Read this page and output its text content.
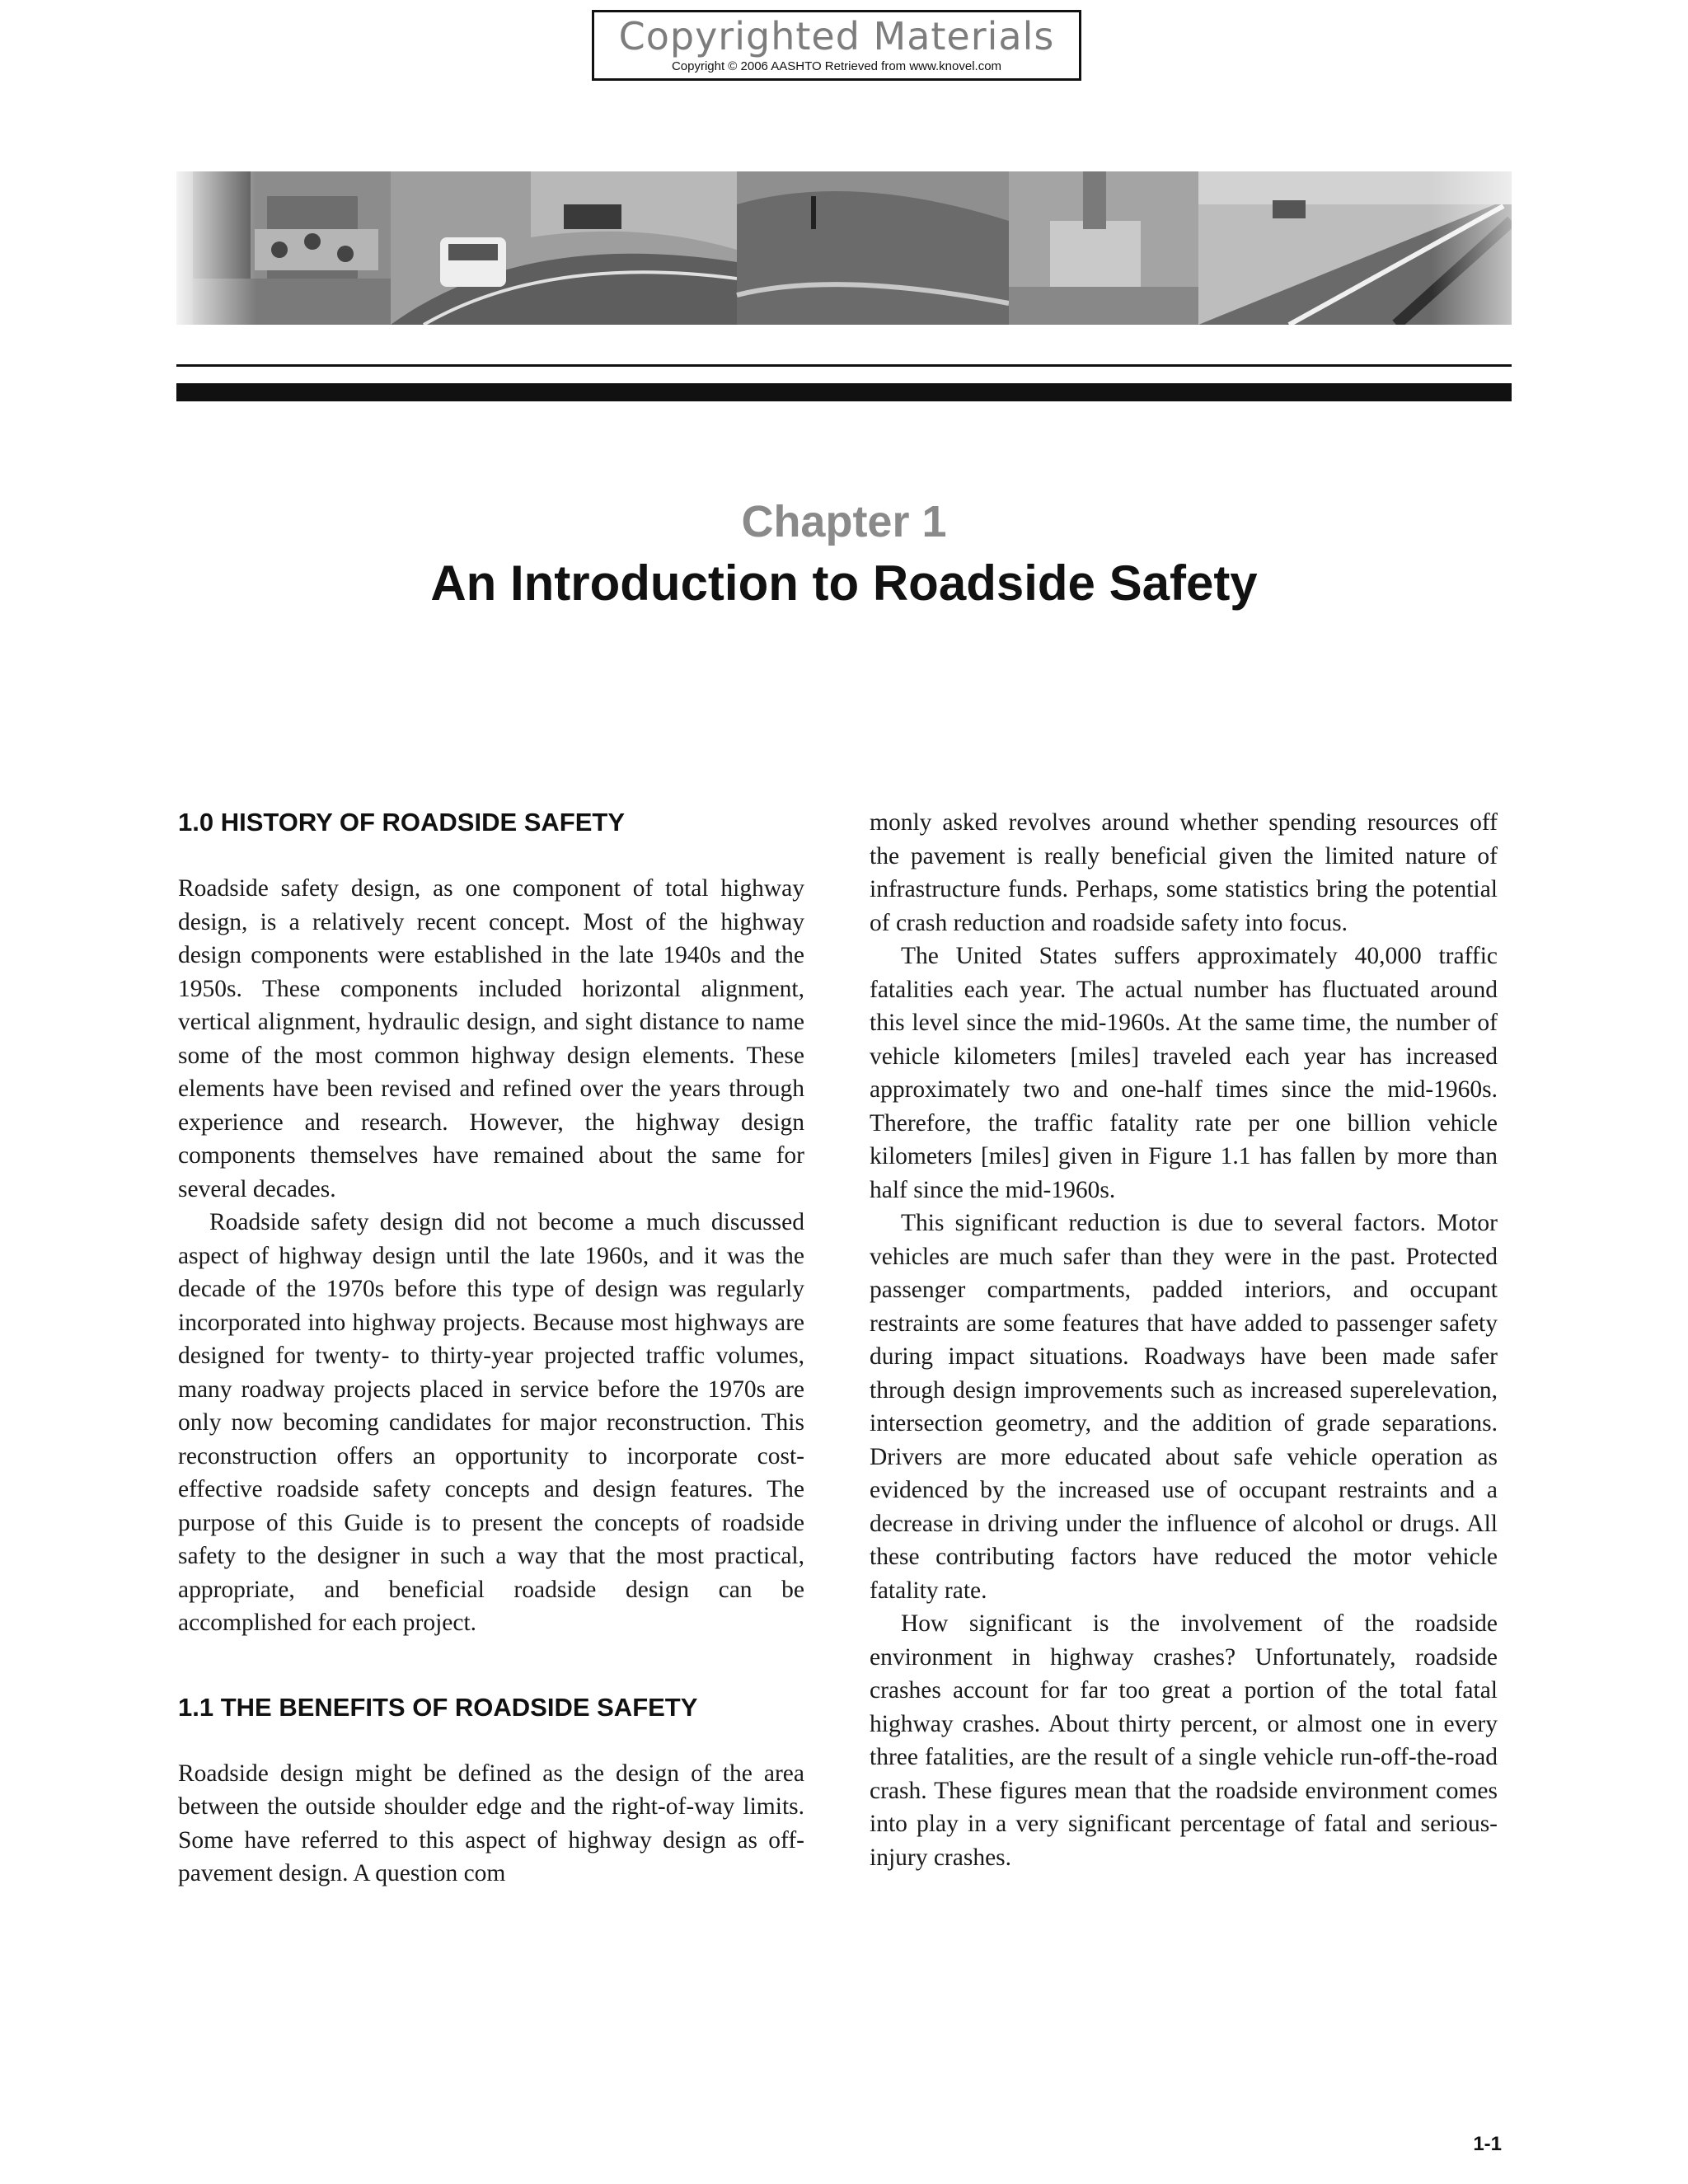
Copyrighted Materials
Copyright © 2006 AASHTO Retrieved from www.knovel.com
Chapter 1
An Introduction to Roadside Safety
1.0 HISTORY OF ROADSIDE SAFETY

Roadside safety design, as one component of total highway design, is a relatively recent concept. Most of the highway design components were established in the late 1940s and the 1950s. These components included horizontal alignment, vertical alignment, hydraulic design, and sight distance to name some of the most common highway design elements. These elements have been revised and refined over the years through experience and research. However, the highway design components themselves have remained about the same for several decades.

Roadside safety design did not become a much discussed aspect of highway design until the late 1960s, and it was the decade of the 1970s before this type of design was regularly incorporated into highway projects. Because most highways are designed for twenty- to thirty-year projected traffic volumes, many roadway projects placed in service before the 1970s are only now becoming candidates for major reconstruction. This reconstruction offers an opportunity to incorporate cost-effective roadside safety concepts and design features. The purpose of this Guide is to present the concepts of roadside safety to the designer in such a way that the most practical, appropriate, and beneficial roadside design can be accomplished for each project.

1.1 THE BENEFITS OF ROADSIDE SAFETY

Roadside design might be defined as the design of the area between the outside shoulder edge and the right-of-way limits. Some have referred to this aspect of highway design as off-pavement design. A question com

monly asked revolves around whether spending resources off the pavement is really beneficial given the limited nature of infrastructure funds. Perhaps, some statistics bring the potential of crash reduction and roadside safety into focus.

The United States suffers approximately 40,000 traffic fatalities each year. The actual number has fluctuated around this level since the mid-1960s. At the same time, the number of vehicle kilometers [miles] traveled each year has increased approximately two and one-half times since the mid-1960s. Therefore, the traffic fatality rate per one billion vehicle kilometers [miles] given in Figure 1.1 has fallen by more than half since the mid-1960s.

This significant reduction is due to several factors. Motor vehicles are much safer than they were in the past. Protected passenger compartments, padded interiors, and occupant restraints are some features that have added to passenger safety during impact situations. Roadways have been made safer through design improvements such as increased superelevation, intersection geometry, and the addition of grade separations. Drivers are more educated about safe vehicle operation as evidenced by the increased use of occupant restraints and a decrease in driving under the influence of alcohol or drugs. All these contributing factors have reduced the motor vehicle fatality rate.

How significant is the involvement of the roadside environment in highway crashes? Unfortunately, roadside crashes account for far too great a portion of the total fatal highway crashes. About thirty percent, or almost one in every three fatalities, are the result of a single vehicle run-off-the-road crash. These figures mean that the roadside environment comes into play in a very significant percentage of fatal and serious-injury crashes.

1-1
